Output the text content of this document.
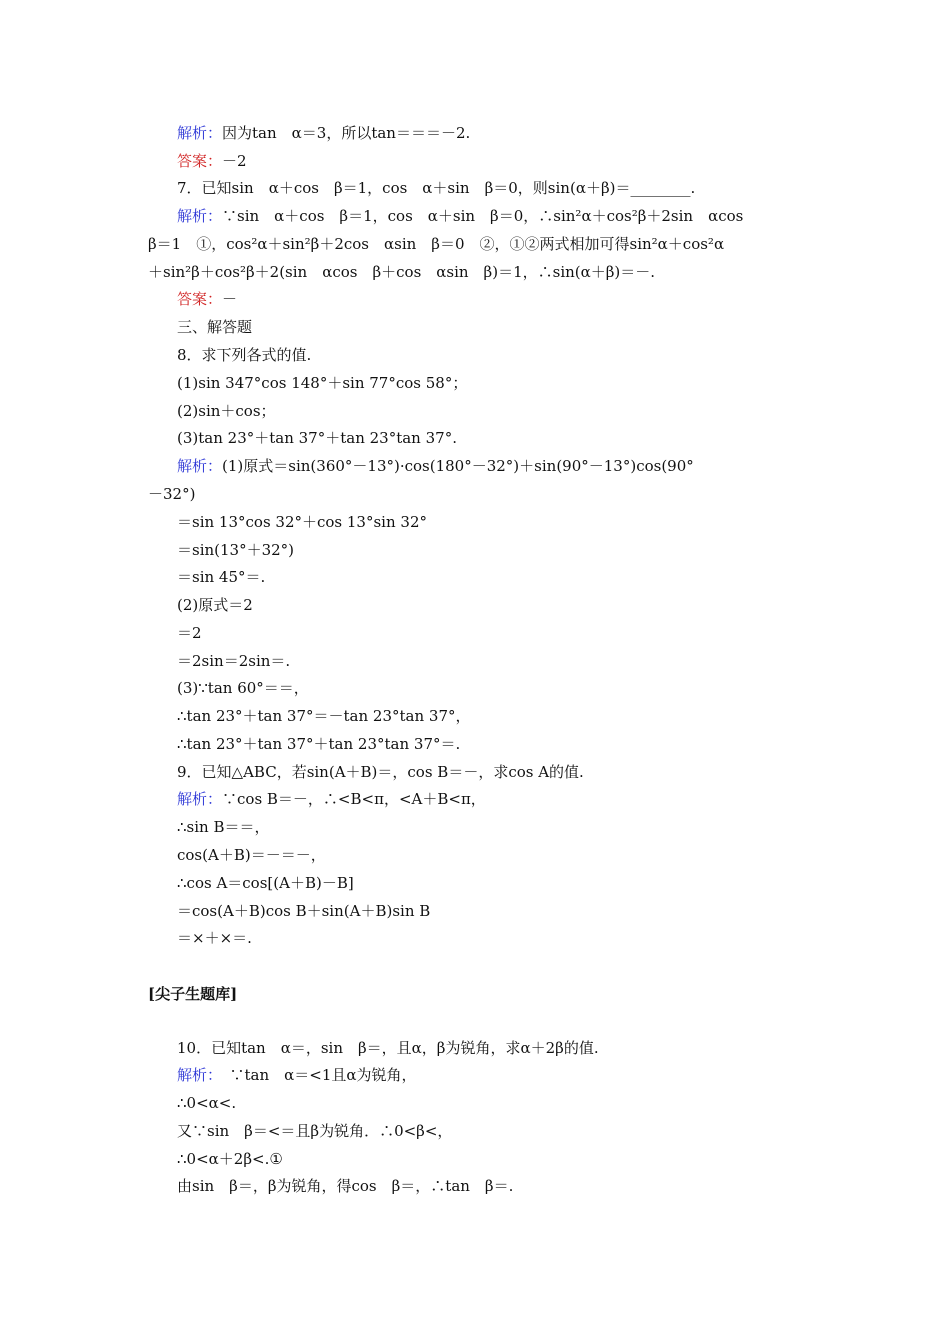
解析：因为tan　α＝3，所以tan＝＝＝－2.
答案：－2
7．已知sin　α＋cos　β＝1，cos　α＋sin　β＝0，则sin(α＋β)＝________.
解析：∵sin　α＋cos　β＝1，cos　α＋sin　β＝0，∴sin²α＋cos²β＋2sin　αcos
β＝1　①，cos²α＋sin²β＋2cos　αsin　β＝0　②，①②两式相加可得sin²α＋cos²α
＋sin²β＋cos²β＋2(sin　αcos　β＋cos　αsin　β)＝1，∴sin(α＋β)＝－.
答案：－
三、解答题
8．求下列各式的值.
(1)sin 347°cos 148°＋sin 77°cos 58°；
(2)sin＋cos；
(3)tan 23°＋tan 37°＋tan 23°tan 37°.
解析：(1)原式＝sin(360°－13°)·cos(180°－32°)＋sin(90°－13°)cos(90°
－32°)
＝sin 13°cos 32°＋cos 13°sin 32°
＝sin(13°＋32°)
＝sin 45°＝.
(2)原式＝2
＝2
＝2sin＝2sin＝.
(3)∵tan 60°＝＝，
∴tan 23°＋tan 37°＝－tan 23°tan 37°，
∴tan 23°＋tan 37°＋tan 23°tan 37°＝.
9．已知△ABC，若sin(A＋B)＝，cos B＝－，求cos A的值.
解析：∵cos B＝－，∴<B<π，<A＋B<π，
∴sin B＝＝，
cos(A＋B)＝－＝－，
∴cos A＝cos[(A＋B)－B]
＝cos(A＋B)cos B＋sin(A＋B)sin B
＝×＋×＝.
[尖子生题库]
10．已知tan　α＝，sin　β＝，且α，β为锐角，求α＋2β的值.
解析：　∵tan　α＝<1且α为锐角，
∴0<α<.
又∵sin　β＝<＝且β为锐角．∴0<β<，
∴0<α＋2β<.①
由sin　β＝，β为锐角，得cos　β＝，∴tan　β＝.
